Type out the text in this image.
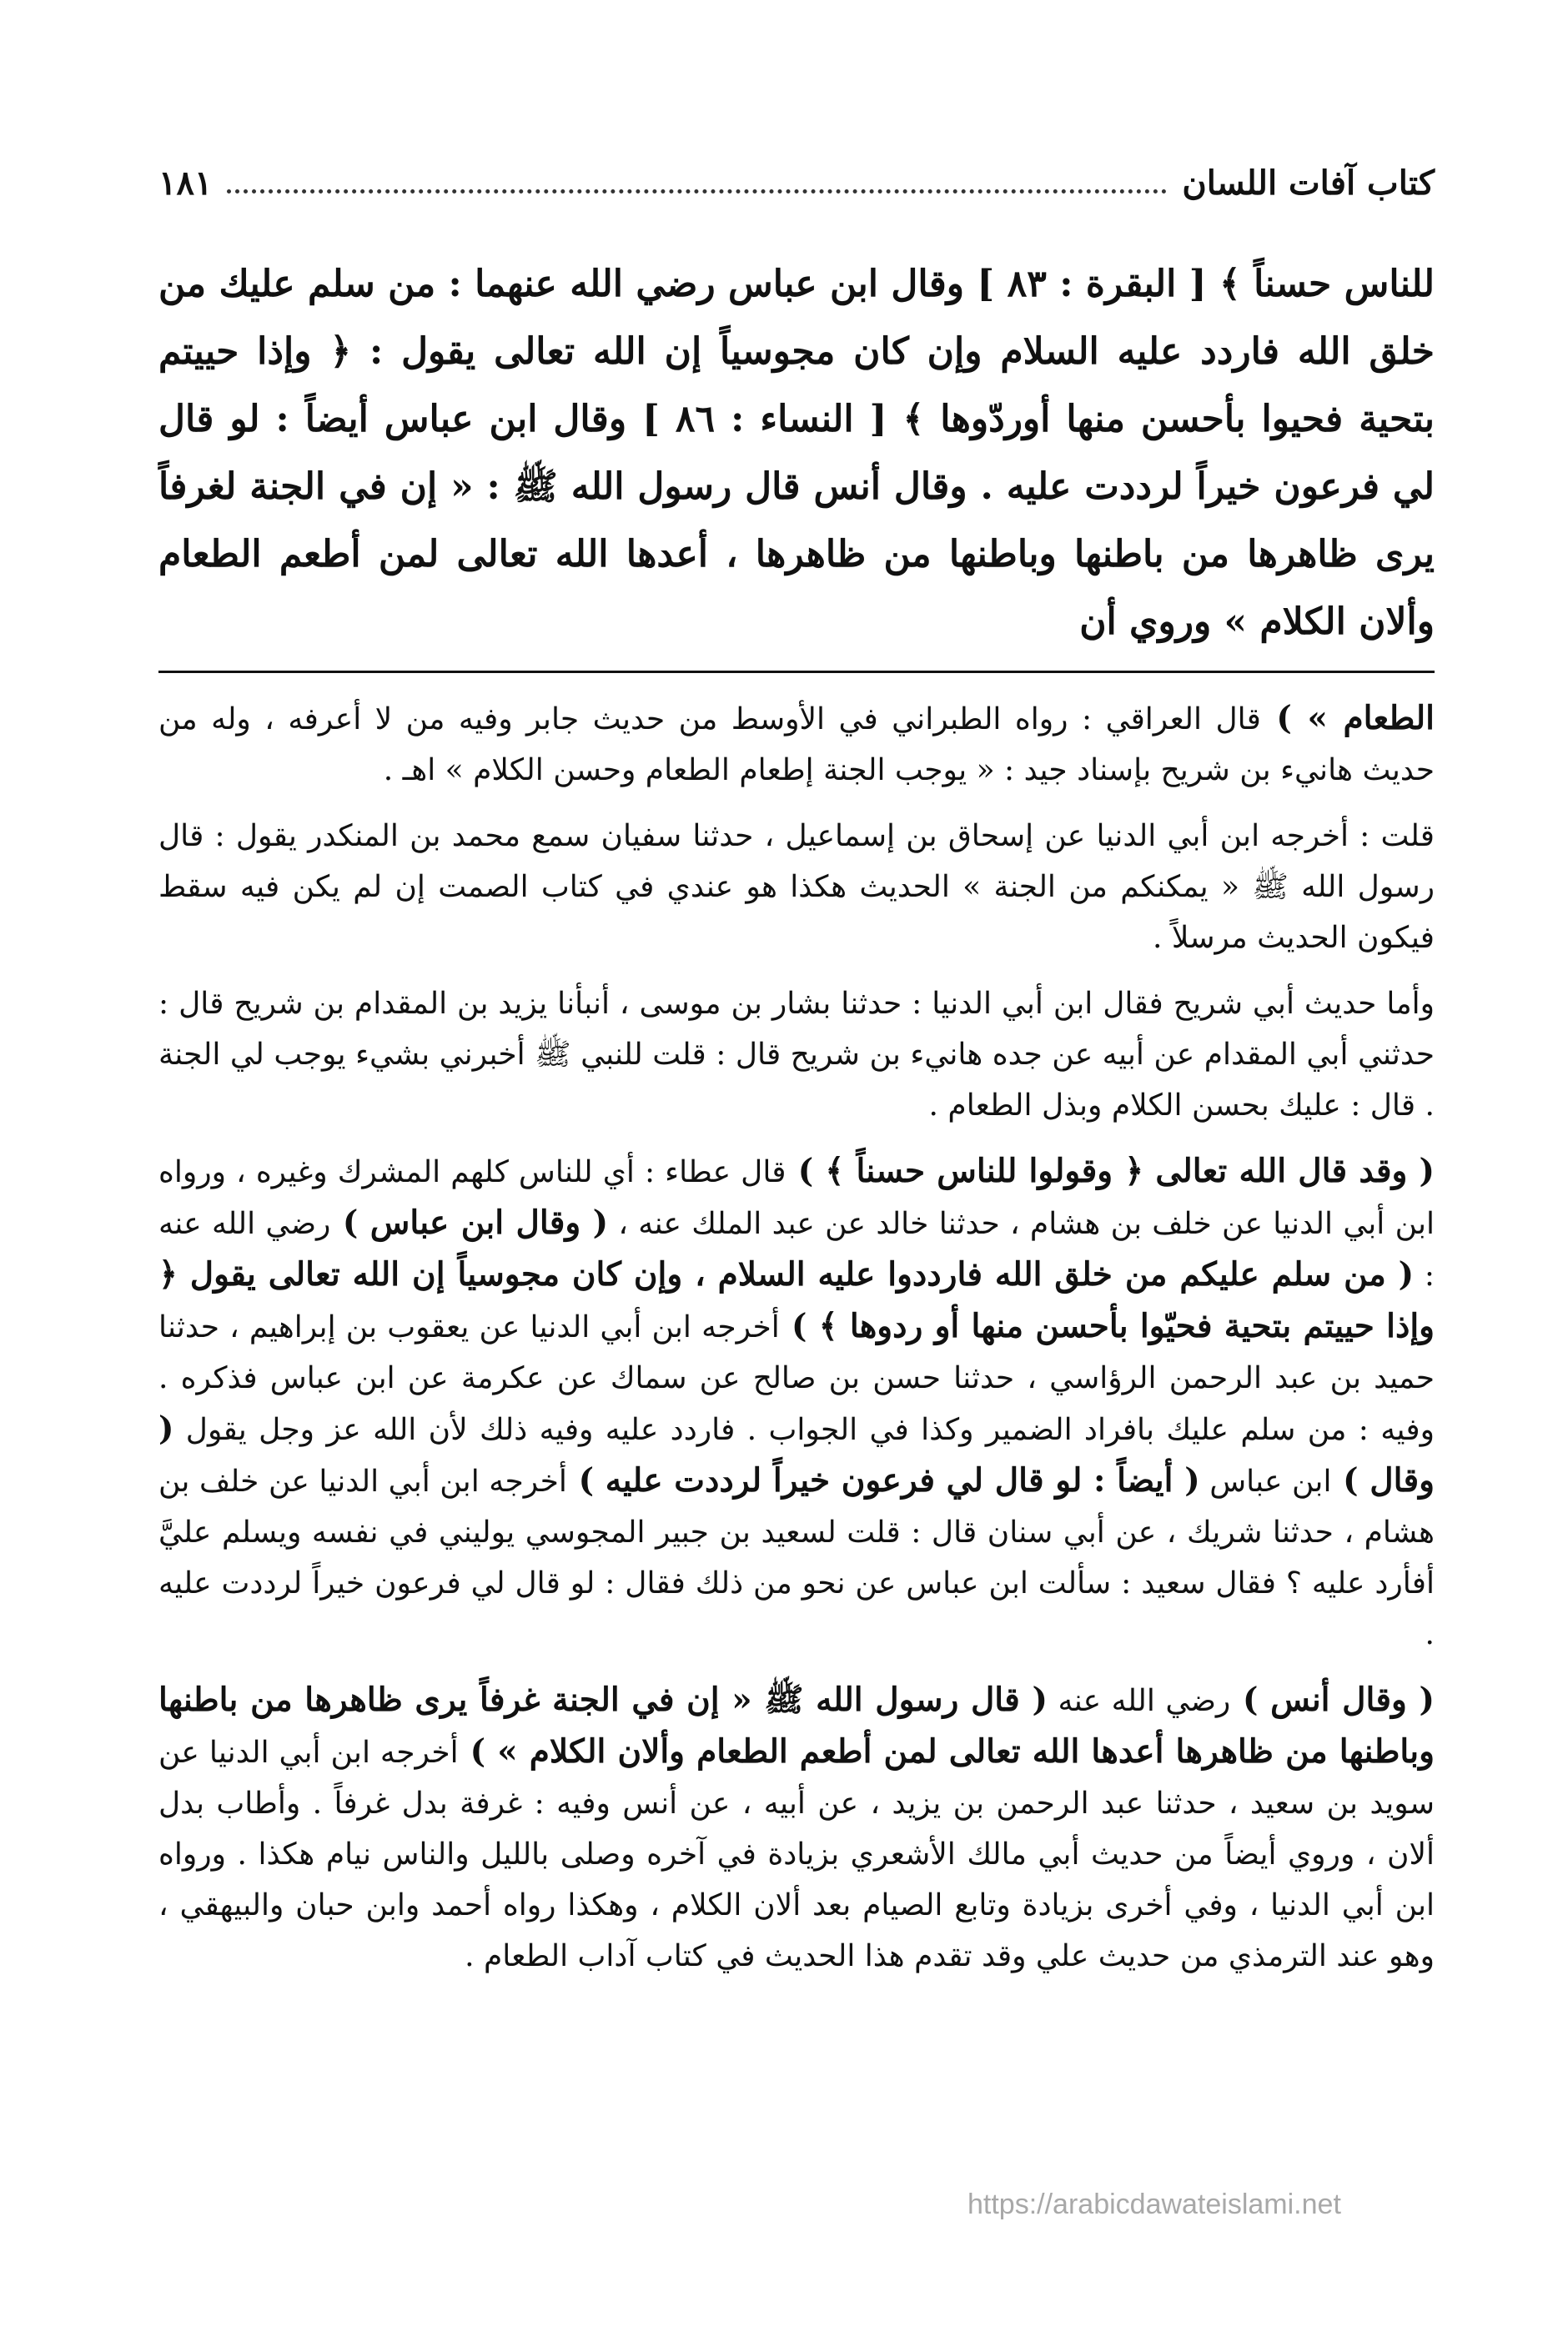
كتاب آفات اللسان
١٨١
للناس حسناً ﴾ [ البقرة : ٨٣ ] وقال ابن عباس رضي الله عنهما : من سلم عليك من خلق الله فاردد عليه السلام وإن كان مجوسياً إن الله تعالى يقول : ﴿ وإذا حييتم بتحية فحيوا بأحسن منها أوردّوها ﴾ [ النساء : ٨٦ ] وقال ابن عباس أيضاً : لو قال لي فرعون خيراً لرددت عليه . وقال أنس قال رسول الله ﷺ : « إن في الجنة لغرفاً يرى ظاهرها من باطنها وباطنها من ظاهرها ، أعدها الله تعالى لمن أطعم الطعام وألان الكلام » وروي أن

الطعام » ) قال العراقي : رواه الطبراني في الأوسط من حديث جابر وفيه من لا أعرفه ، وله من حديث هانيء بن شريح بإسناد جيد : « يوجب الجنة إطعام الطعام وحسن الكلام » اهـ .

قلت : أخرجه ابن أبي الدنيا عن إسحاق بن إسماعيل ، حدثنا سفيان سمع محمد بن المنكدر يقول : قال رسول الله ﷺ « يمكنكم من الجنة » الحديث هكذا هو عندي في كتاب الصمت إن لم يكن فيه سقط فيكون الحديث مرسلاً .

وأما حديث أبي شريح فقال ابن أبي الدنيا : حدثنا بشار بن موسى ، أنبأنا يزيد بن المقدام بن شريح قال : حدثني أبي المقدام عن أبيه عن جده هانيء بن شريح قال : قلت للنبي ﷺ أخبرني بشيء يوجب لي الجنة . قال : عليك بحسن الكلام وبذل الطعام .

( وقد قال الله تعالى ﴿ وقولوا للناس حسناً ﴾ ) قال عطاء : أي للناس كلهم المشرك وغيره ، ورواه ابن أبي الدنيا عن خلف بن هشام ، حدثنا خالد عن عبد الملك عنه ، ( وقال ابن عباس ) رضي الله عنه : ( من سلم عليكم من خلق الله فارددوا عليه السلام ، وإن كان مجوسياً إن الله تعالى يقول ﴿ وإذا حييتم بتحية فحيّوا بأحسن منها أو ردوها ﴾ ) أخرجه ابن أبي الدنيا عن يعقوب بن إبراهيم ، حدثنا حميد بن عبد الرحمن الرؤاسي ، حدثنا حسن بن صالح عن سماك عن عكرمة عن ابن عباس فذكره . وفيه : من سلم عليك بافراد الضمير وكذا في الجواب . فاردد عليه وفيه ذلك لأن الله عز وجل يقول ( وقال ) ابن عباس ( أيضاً : لو قال لي فرعون خيراً لرددت عليه ) أخرجه ابن أبي الدنيا عن خلف بن هشام ، حدثنا شريك ، عن أبي سنان قال : قلت لسعيد بن جبير المجوسي يوليني في نفسه ويسلم عليَّ أفأرد عليه ؟ فقال سعيد : سألت ابن عباس عن نحو من ذلك فقال : لو قال لي فرعون خيراً لرددت عليه .

( وقال أنس ) رضي الله عنه ( قال رسول الله ﷺ « إن في الجنة غرفاً يرى ظاهرها من باطنها وباطنها من ظاهرها أعدها الله تعالى لمن أطعم الطعام وألان الكلام » ) أخرجه ابن أبي الدنيا عن سويد بن سعيد ، حدثنا عبد الرحمن بن يزيد ، عن أبيه ، عن أنس وفيه : غرفة بدل غرفاً . وأطاب بدل ألان ، وروي أيضاً من حديث أبي مالك الأشعري بزيادة في آخره وصلى بالليل والناس نيام هكذا . ورواه ابن أبي الدنيا ، وفي أخرى بزيادة وتابع الصيام بعد ألان الكلام ، وهكذا رواه أحمد وابن حبان والبيهقي ، وهو عند الترمذي من حديث علي وقد تقدم هذا الحديث في كتاب آداب الطعام .

https://arabicdawateislami.net
